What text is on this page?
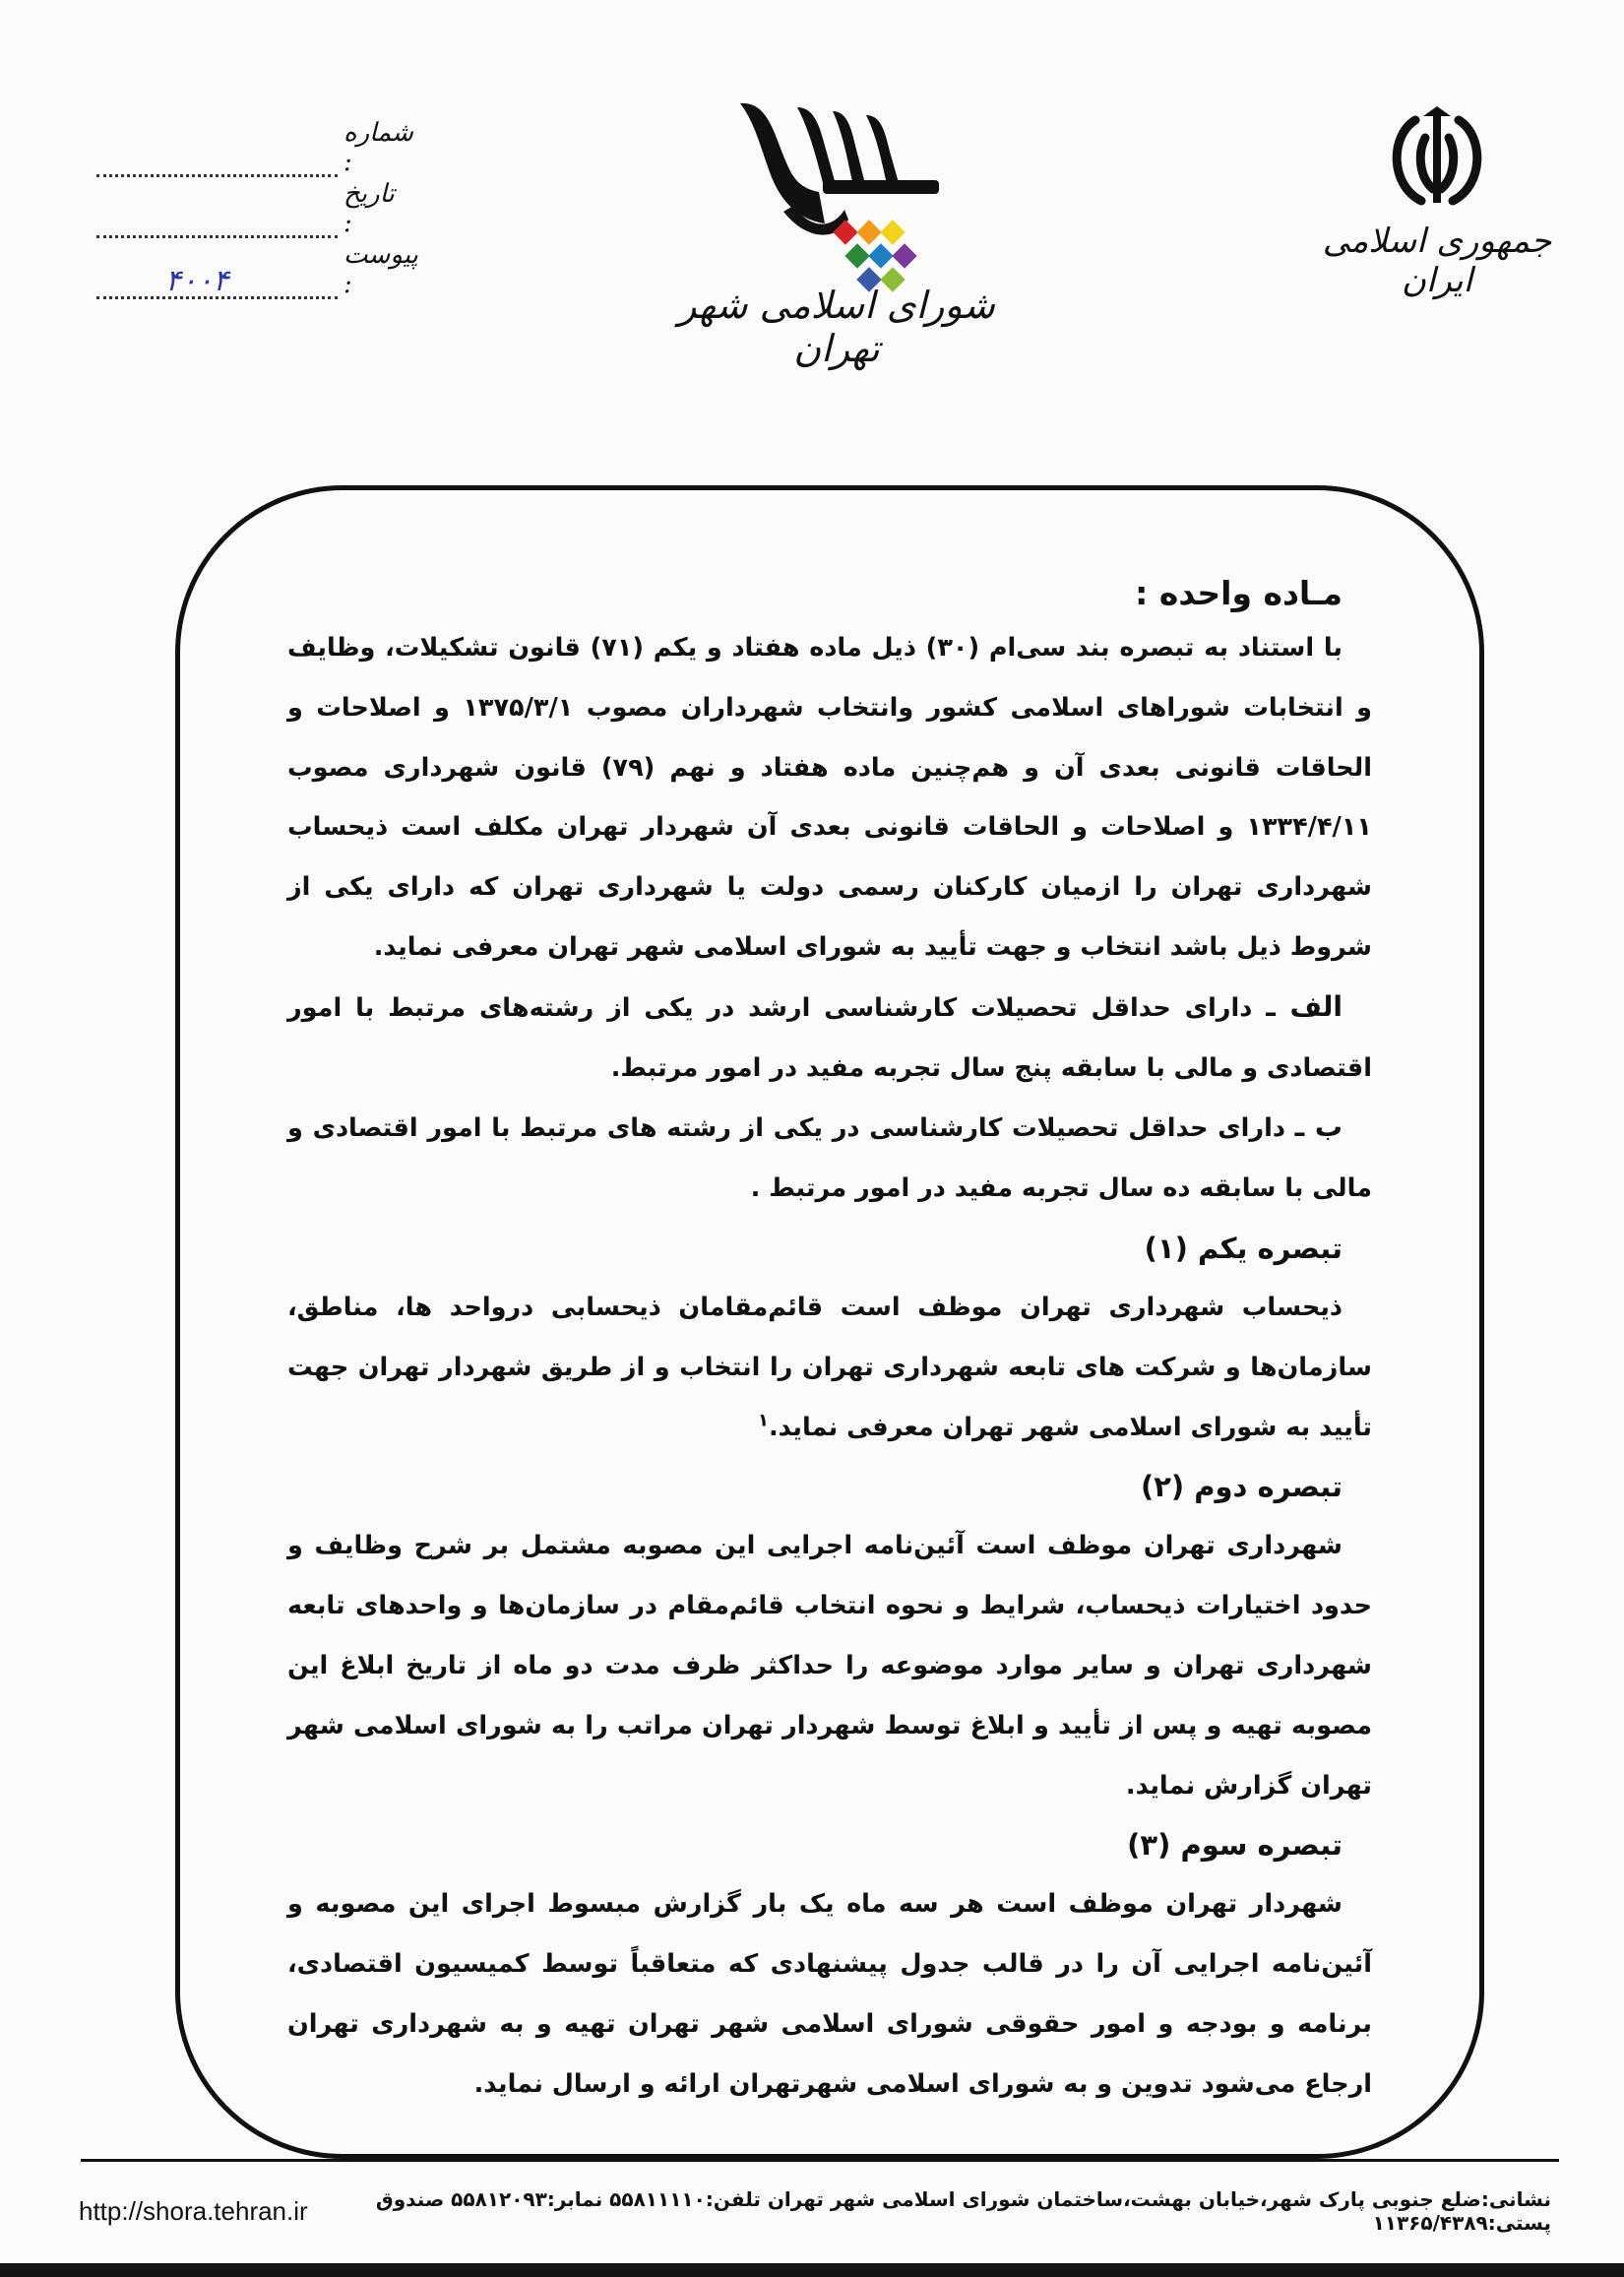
جمهوری اسلامی ایران
شورای اسلامی شهر تهران
شماره :
تاریخ :
۴۰۰۴
پیوست :

مـاده واحده :

با استناد به تبصره بند سی‌ام (۳۰) ذیل ماده هفتاد و یکم (۷۱) قانون تشکیلات، وظایف و انتخابات شوراهای اسلامی کشور وانتخاب شهرداران مصوب ۱۳۷۵/۳/۱ و اصلاحات و الحاقات قانونی بعدی آن و هم‌چنین ماده هفتاد و نهم (۷۹) قانون شهرداری مصوب ۱۳۳۴/۴/۱۱ و اصلاحات و الحاقات قانونی بعدی آن شهردار تهران مکلف است ذیحساب شهرداری تهران را ازمیان کارکنان رسمی دولت یا شهرداری تهران که دارای یکی از شروط ذیل باشد انتخاب و جهت تأیید به شورای اسلامی شهر تهران معرفی نماید.

الف ـ دارای حداقل تحصیلات کارشناسی ارشد در یکی از رشته‌های مرتبط با امور اقتصادی و مالی با سابقه پنج سال تجربه مفید در امور مرتبط.

ب ـ دارای حداقل تحصیلات کارشناسی در یکی از رشته های مرتبط با امور اقتصادی و مالی با سابقه ده سال تجربه مفید در امور مرتبط .

تبصره یکم (۱)

ذیحساب شهرداری تهران موظف است قائم‌مقامان ذیحسابی درواحد ها، مناطق، سازمان‌ها و شرکت های تابعه شهرداری تهران را انتخاب و از طریق شهردار تهران جهت تأیید به شورای اسلامی شهر تهران معرفی نماید.$^۱$

تبصره دوم (۲)

شهرداری تهران موظف است آئین‌نامه اجرایی این مصوبه مشتمل بر شرح وظایف و حدود اختیارات ذیحساب، شرایط و نحوه انتخاب قائم‌مقام در سازمان‌ها و واحدهای تابعه شهرداری تهران و سایر موارد موضوعه را حداکثر ظرف مدت دو ماه از تاریخ ابلاغ این مصوبه تهیه و پس از تأیید و ابلاغ توسط شهردار تهران مراتب را به شورای اسلامی شهر تهران گزارش نماید.

تبصره سوم (۳)

شهردار تهران موظف است هر سه ماه یک بار گزارش مبسوط اجرای این مصوبه و آئین‌نامه اجرایی آن را در قالب جدول پیشنهادی که متعاقباً توسط کمیسیون اقتصادی، برنامه و بودجه و امور حقوقی شورای اسلامی شهر تهران تهیه و به شهرداری تهران ارجاع می‌شود تدوین و به شورای اسلامی شهرتهران ارائه و ارسال نماید.

http://shora.tehran.ir	نشانی:ضلع جنوبی پارک شهر،خیابان بهشت،ساختمان شورای اسلامی شهر تهران تلفن:۵۵۸۱۱۱۱۰ نمابر:۵۵۸۱۲۰۹۳ صندوق پستی:۱۱۳۶۵/۴۳۸۹
